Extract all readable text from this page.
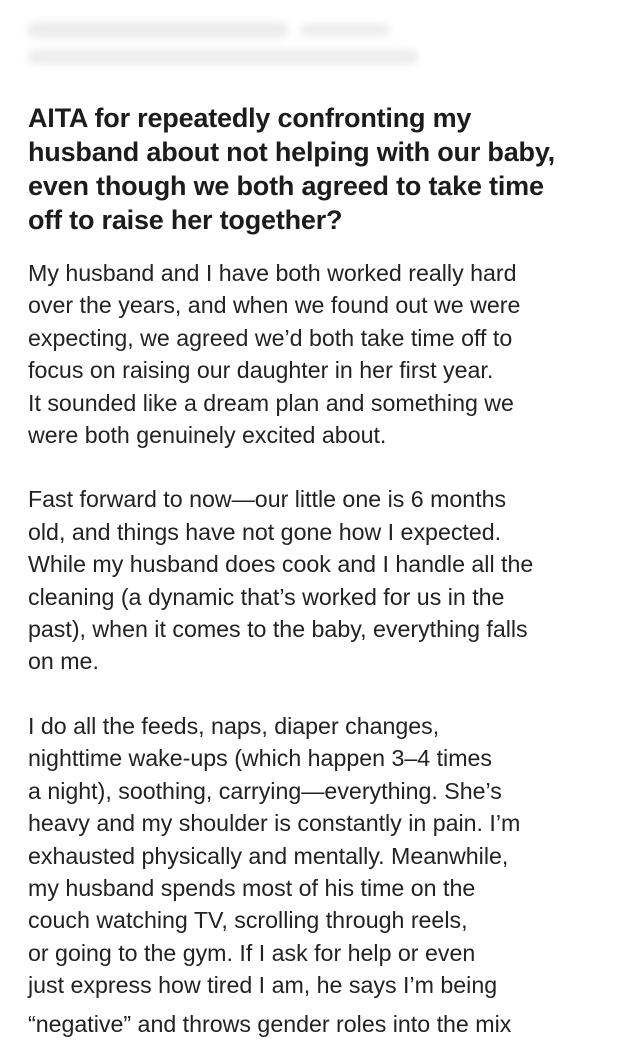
AITA for repeatedly confronting my
husband about not helping with our baby,
even though we both agreed to take time
off to raise her together?

My husband and I have both worked really hard
over the years, and when we found out we were
expecting, we agreed we’d both take time off to
focus on raising our daughter in her first year.
It sounded like a dream plan and something we
were both genuinely excited about.

Fast forward to now—our little one is 6 months
old, and things have not gone how I expected.
While my husband does cook and I handle all the
cleaning (a dynamic that’s worked for us in the
past), when it comes to the baby, everything falls
on me.

I do all the feeds, naps, diaper changes,
nighttime wake-ups (which happen 3–4 times
a night), soothing, carrying—everything. She’s
heavy and my shoulder is constantly in pain. I’m
exhausted physically and mentally. Meanwhile,
my husband spends most of his time on the
couch watching TV, scrolling through reels,
or going to the gym. If I ask for help or even
just express how tired I am, he says I’m being

“negative” and throws gender roles into the mix
